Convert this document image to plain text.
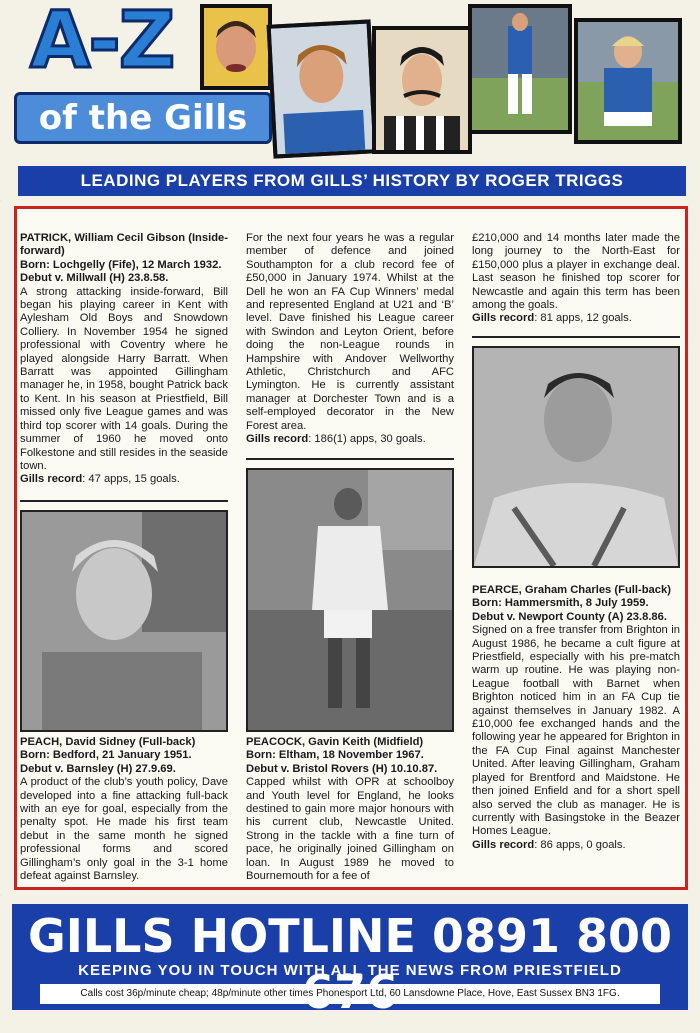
A-Z
of the Gills
LEADING PLAYERS FROM GILLS’ HISTORY BY ROGER TRIGGS

PATRICK, William Cecil Gibson (Inside-forward)

Born: Lochgelly (Fife), 12 March 1932.

Debut v. Millwall (H) 23.8.58.

A strong attacking inside-forward, Bill began his playing career in Kent with Aylesham Old Boys and Snowdown Colliery. In November 1954 he signed professional with Coventry where he played alongside Harry Barratt. When Barratt was appointed Gillingham manager he, in 1958, bought Patrick back to Kent. In his season at Priestfield, Bill missed only five League games and was third top scorer with 14 goals. During the summer of 1960 he moved onto Folkestone and still resides in the seaside town.

Gills record: 47 apps, 15 goals.

PEACH, David Sidney (Full-back)

Born: Bedford, 21 January 1951.

Debut v. Barnsley (H) 27.9.69.

A product of the club’s youth policy, Dave developed into a fine attacking full-back with an eye for goal, especially from the penalty spot. He made his first team debut in the same month he signed professional forms and scored Gillingham’s only goal in the 3-1 home defeat against Barnsley.

For the next four years he was a regular member of defence and joined Southampton for a club record fee of £50,000 in January 1974. Whilst at the Dell he won an FA Cup Winners’ medal and represented England at U21 and ‘B’ level. Dave finished his League career with Swindon and Leyton Orient, before doing the non-League rounds in Hampshire with Andover Wellworthy Athletic, Christchurch and AFC Lymington. He is currently assistant manager at Dorchester Town and is a self-employed decorator in the New Forest area.

Gills record: 186(1) apps, 30 goals.

PEACOCK, Gavin Keith (Midfield)

Born: Eltham, 18 November 1967.

Debut v. Bristol Rovers (H) 10.10.87.

Capped whilst with OPR at schoolboy and Youth level for England, he looks destined to gain more major honours with his current club, Newcastle United. Strong in the tackle with a fine turn of pace, he originally joined Gillingham on loan. In August 1989 he moved to Bournemouth for a fee of

£210,000 and 14 months later made the long journey to the North-East for £150,000 plus a player in exchange deal. Last season he finished top scorer for Newcastle and again this term has been among the goals.

Gills record: 81 apps, 12 goals.

PEARCE, Graham Charles (Full-back)

Born: Hammersmith, 8 July 1959.

Debut v. Newport County (A) 23.8.86.

Signed on a free transfer from Brighton in August 1986, he became a cult figure at Priestfield, especially with his pre-match warm up routine. He was playing non-League football with Barnet when Brighton noticed him in an FA Cup tie against themselves in January 1982. A £10,000 fee exchanged hands and the following year he appeared for Brighton in the FA Cup Final against Manchester United. After leaving Gillingham, Graham played for Brentford and Maidstone. He then joined Enfield and for a short spell also served the club as manager. He is currently with Basingstoke in the Beazer Homes League.

Gills record: 86 apps, 0 goals.

GILLS HOTLINE 0891 800
KEEPING YOU IN TOUCH WITH ALL THE NEWS FROM PRIESTFIELD
Calls cost 36p/minute cheap; 48p/minute other times Phonesport Ltd, 60 Lansdowne Place, Hove, East Sussex BN3 1FG.
